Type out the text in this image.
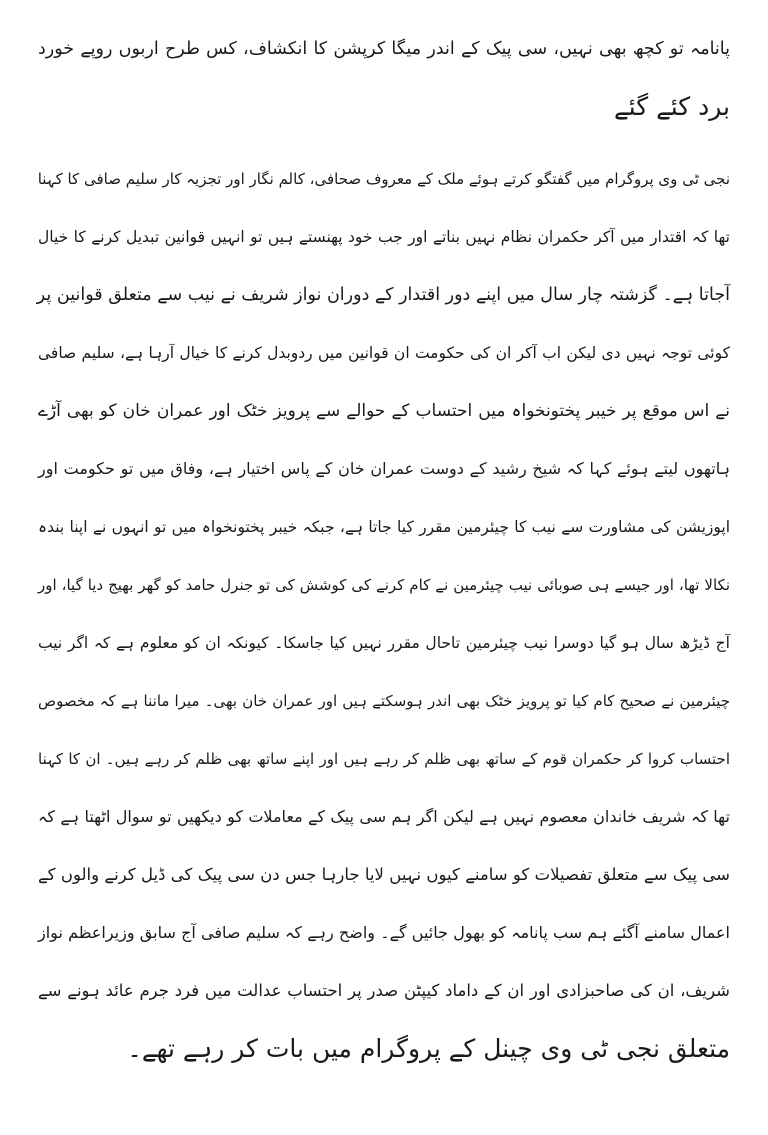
پانامہ تو کچھ بھی نہیں، سی پیک کے اندر میگا کرپشن کا انکشاف، کس طرح اربوں روپے خورد
برد کئے گئے
نجی ٹی وی پروگرام میں گفتگو کرتے ہوئے ملک کے معروف صحافی، کالم نگار اور تجزیہ کار سلیم صافی کا کہنا
تھا کہ اقتدار میں آکر حکمران نظام نہیں بناتے اور جب خود پھنستے ہیں تو انہیں قوانین تبدیل کرنے کا خیال
آجاتا ہے۔ گزشتہ چار سال میں اپنے دور اقتدار کے دوران نواز شریف نے نیب سے متعلق قوانین پر
کوئی توجہ نہیں دی لیکن اب آکر ان کی حکومت ان قوانین میں ردوبدل کرنے کا خیال آرہا ہے، سلیم صافی
نے اس موقع پر خیبر پختونخواہ میں احتساب کے حوالے سے پرویز خٹک اور عمران خان کو بھی آڑے
ہاتھوں لیتے ہوئے کہا کہ شیخ رشید کے دوست عمران خان کے پاس اختیار ہے، وفاق میں تو حکومت اور
اپوزیشن کی مشاورت سے نیب کا چیئرمین مقرر کیا جاتا ہے، جبکہ خیبر پختونخواہ میں تو انہوں نے اپنا بندہ
نکالا تھا، اور جیسے ہی صوبائی نیب چیئرمین نے کام کرنے کی کوشش کی تو جنرل حامد کو گھر بھیج دیا گیا، اور
آج ڈیڑھ سال ہو گیا دوسرا نیب چیئرمین تاحال مقرر نہیں کیا جاسکا۔ کیونکہ ان کو معلوم ہے کہ اگر نیب
چیئرمین نے صحیح کام کیا تو پرویز خٹک بھی اندر ہوسکتے ہیں اور عمران خان بھی۔ میرا ماننا ہے کہ مخصوص
احتساب کروا کر حکمران قوم کے ساتھ بھی ظلم کر رہے ہیں اور اپنے ساتھ بھی ظلم کر رہے ہیں۔ ان کا کہنا
تھا کہ شریف خاندان معصوم نہیں ہے لیکن اگر ہم سی پیک کے معاملات کو دیکھیں تو سوال اٹھتا ہے کہ
سی پیک سے متعلق تفصیلات کو سامنے کیوں نہیں لایا جارہا جس دن سی پیک کی ڈیل کرنے والوں کے
اعمال سامنے آگئے ہم سب پانامہ کو بھول جائیں گے۔ واضح رہے کہ سلیم صافی آج سابق وزیراعظم نواز
شریف، ان کی صاحبزادی اور ان کے داماد کیپٹن صدر پر احتساب عدالت میں فرد جرم عائد ہونے سے
متعلق نجی ٹی وی چینل کے پروگرام میں بات کر رہے تھے۔
